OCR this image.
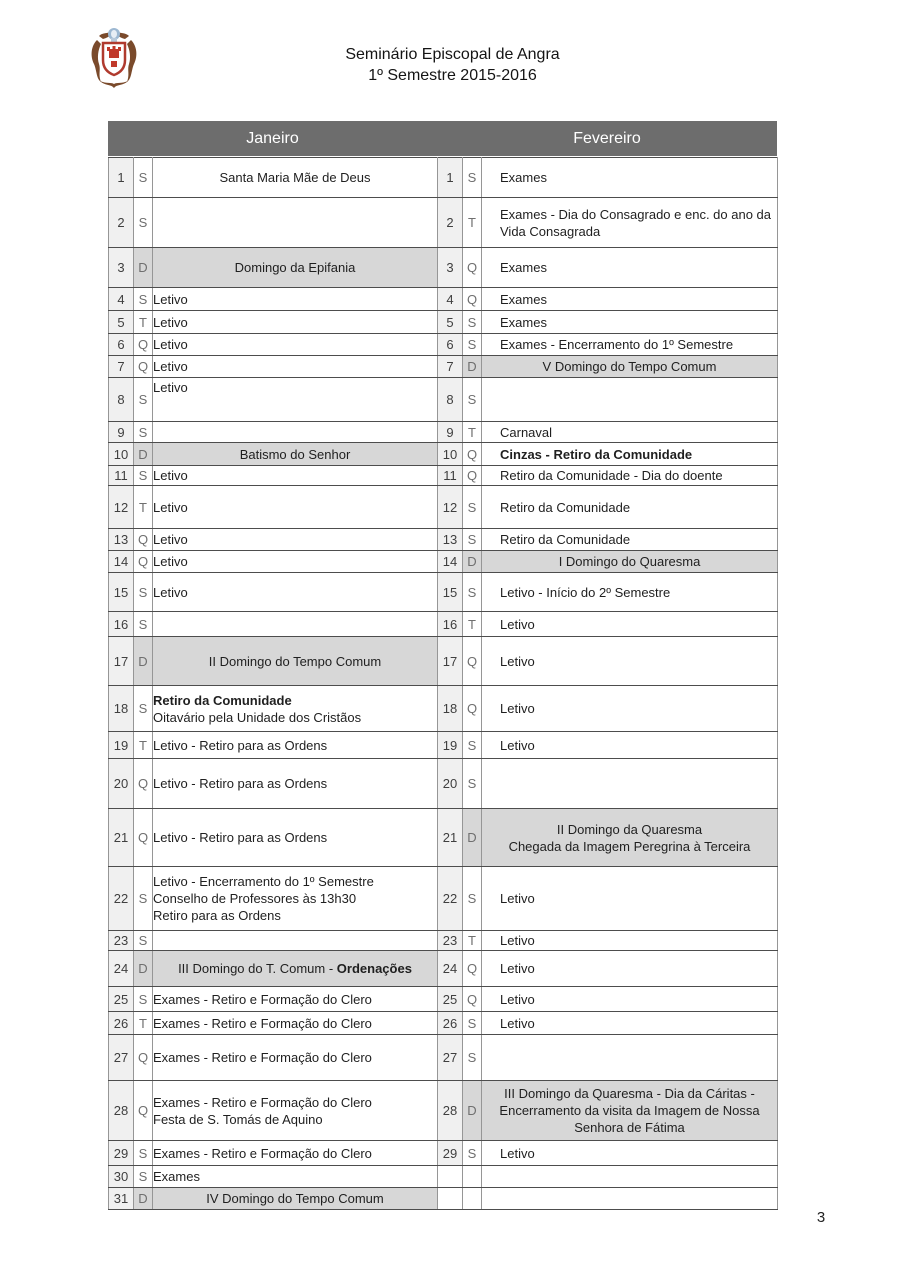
Seminário Episcopal de Angra
1º Semestre 2015-2016
Janeiro	Fevereiro
1	S	Santa Maria Mãe de Deus	1	S	Exames

2	S		2	T	Exames - Dia do Consagrado e enc. do ano da Vida Consagrada

3	D	Domingo da Epifania	3	Q	Exames

4	S	Letivo	4	Q	Exames

5	T	Letivo	5	S	Exames

6	Q	Letivo	6	S	Exames - Encerramento do 1º Semestre

7	Q	Letivo	7	D	V Domingo do Tempo Comum

8	S	Letivo	8	S	

9	S		9	T	Carnaval

10	D	Batismo do Senhor	10	Q	Cinzas - Retiro da Comunidade

11	S	Letivo	11	Q	Retiro da Comunidade - Dia do doente

12	T	Letivo	12	S	Retiro da Comunidade

13	Q	Letivo	13	S	Retiro da Comunidade

14	Q	Letivo	14	D	I Domingo do Quaresma

15	S	Letivo	15	S	Letivo - Início do 2º Semestre

16	S		16	T	Letivo

17	D	II Domingo do Tempo Comum	17	Q	Letivo

18	S	Retiro da Comunidade
Oitavário pela Unidade dos Cristãos	18	Q	Letivo

19	T	Letivo - Retiro para as Ordens	19	S	Letivo

20	Q	Letivo - Retiro para as Ordens	20	S	

21	Q	Letivo - Retiro para as Ordens	21	D	II Domingo da Quaresma
Chegada da Imagem Peregrina à Terceira

22	S	Letivo - Encerramento do 1º Semestre
Conselho de Professores às 13h30
Retiro para as Ordens	22	S	Letivo

23	S		23	T	Letivo

24	D	III Domingo do T. Comum - Ordenações	24	Q	Letivo

25	S	Exames - Retiro e Formação do Clero	25	Q	Letivo

26	T	Exames - Retiro e Formação do Clero	26	S	Letivo

27	Q	Exames - Retiro e Formação do Clero	27	S	

28	Q	Exames - Retiro e Formação do Clero
Festa de S. Tomás de Aquino	28	D	III Domingo da Quaresma - Dia da Cáritas - Encerramento da visita da Imagem de Nossa Senhora de Fátima

29	S	Exames - Retiro e Formação do Clero	29	S	Letivo

30	S	Exames			

31	D	IV Domingo do Tempo Comum			

3
